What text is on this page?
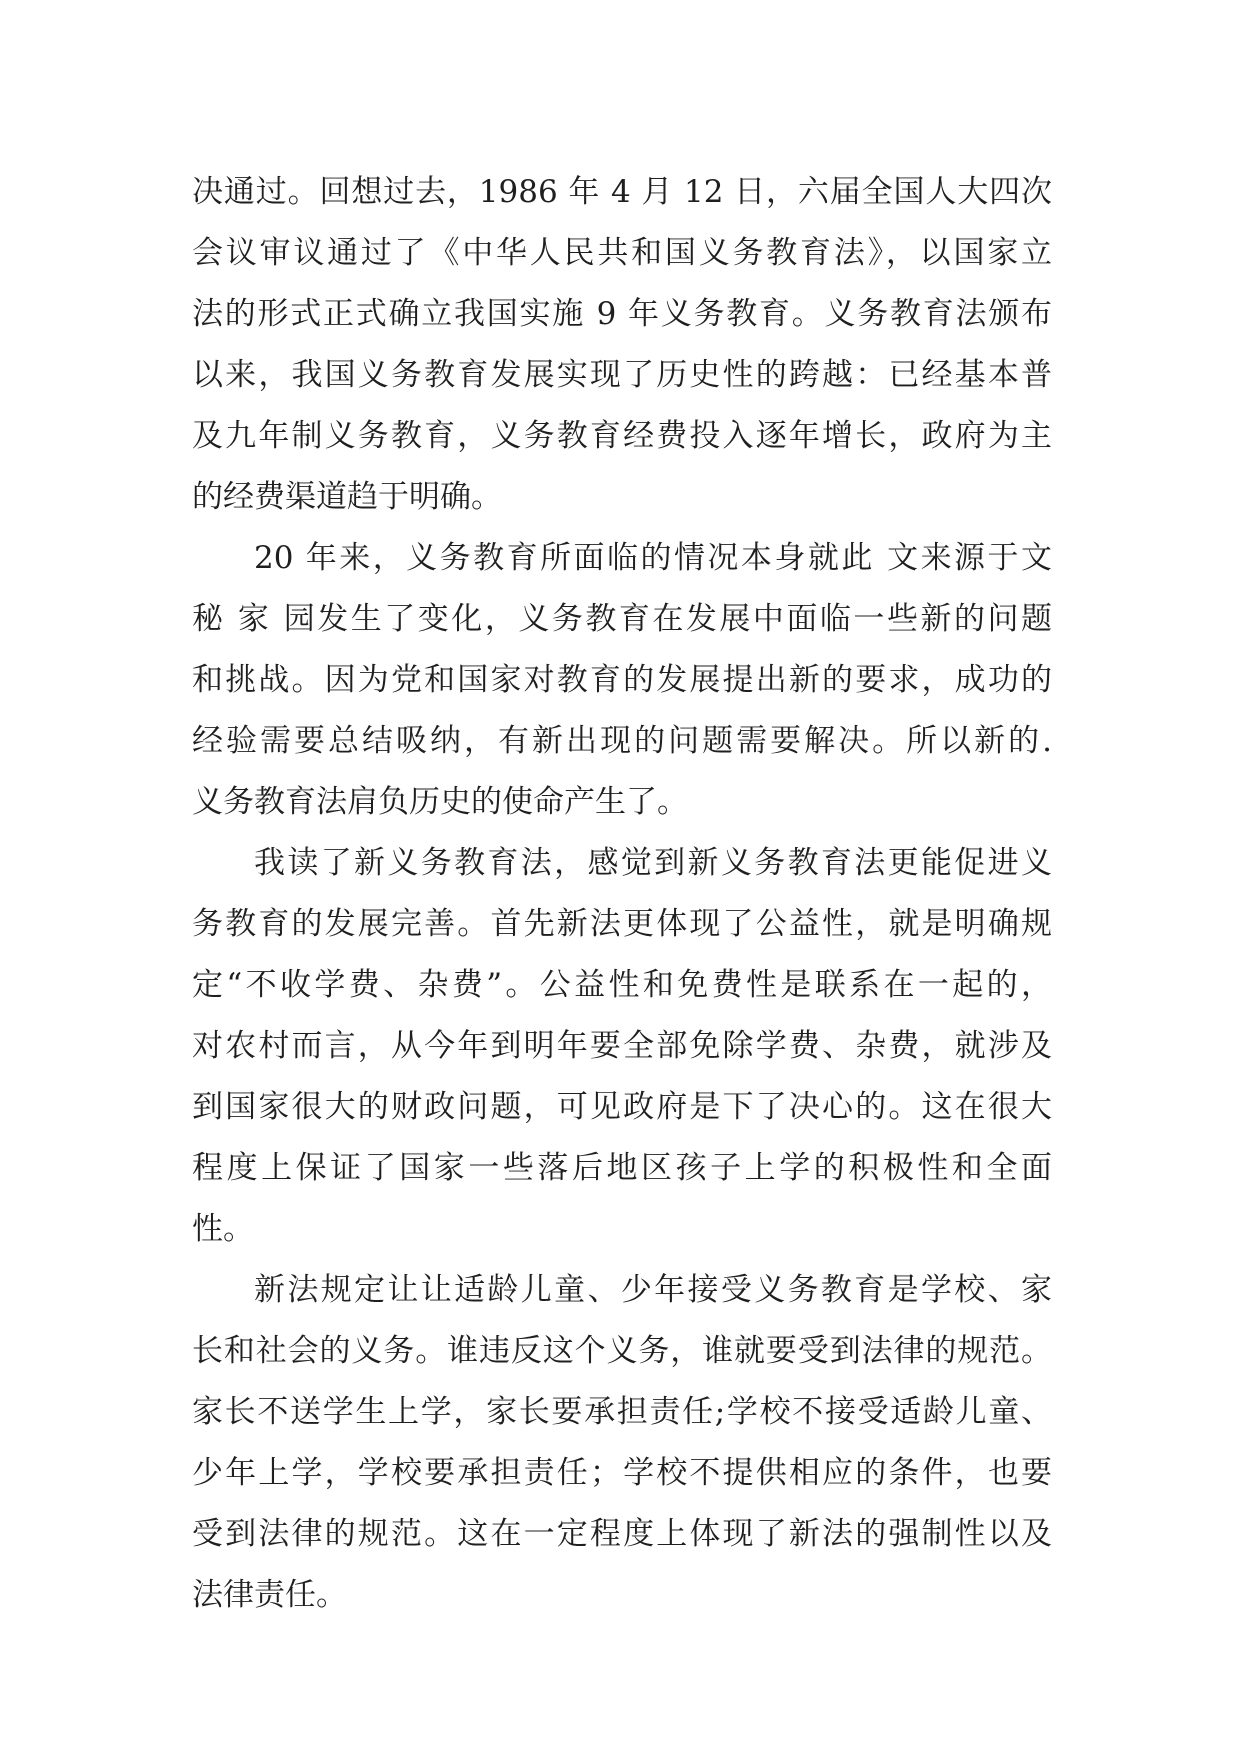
决通过。回想过去，1986 年 4 月 12 日，六届全国人大四次
会议审议通过了《中华人民共和国义务教育法》，以国家立
法的形式正式确立我国实施 9 年义务教育。义务教育法颁布
以来，我国义务教育发展实现了历史性的跨越：已经基本普
及九年制义务教育，义务教育经费投入逐年增长，政府为主
的经费渠道趋于明确。
20 年来，义务教育所面临的情况本身就此 文来源于文
秘 家 园发生了变化，义务教育在发展中面临一些新的问题
和挑战。因为党和国家对教育的发展提出新的要求，成功的
经验需要总结吸纳，有新出现的问题需要解决。所以新的.
义务教育法肩负历史的使命产生了。
我读了新义务教育法，感觉到新义务教育法更能促进义
务教育的发展完善。首先新法更体现了公益性，就是明确规
定“不收学费、杂费”。公益性和免费性是联系在一起的，
对农村而言，从今年到明年要全部免除学费、杂费，就涉及
到国家很大的财政问题，可见政府是下了决心的。这在很大
程度上保证了国家一些落后地区孩子上学的积极性和全面
性。
新法规定让让适龄儿童、少年接受义务教育是学校、家
长和社会的义务。谁违反这个义务，谁就要受到法律的规范。
家长不送学生上学，家长要承担责任;学校不接受适龄儿童、
少年上学，学校要承担责任；学校不提供相应的条件，也要
受到法律的规范。这在一定程度上体现了新法的强制性以及
法律责任。
